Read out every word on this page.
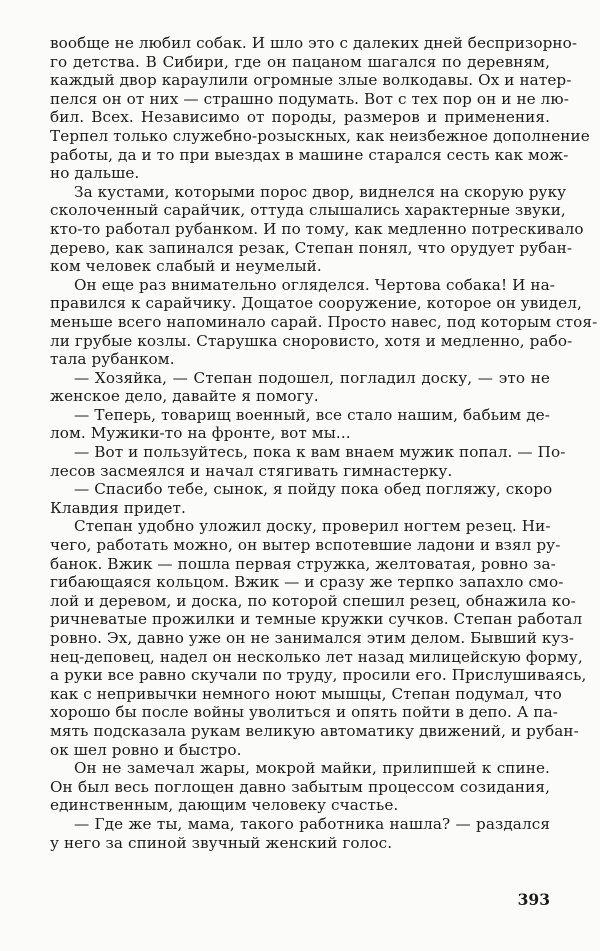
вообще не любил собак. И шло это с далеких дней беспризорно-
го детства. В Сибири, где он пацаном шагался по деревням,
каждый двор караулили огромные злые волкодавы. Ох и натер-
пелся он от них — страшно подумать. Вот с тех пор он и не лю-
бил. Всех. Независимо от породы, размеров и применения.
Терпел только служебно-розыскных, как неизбежное дополнение
работы, да и то при выездах в машине старался сесть как мож-
но дальше.
За кустами, которыми порос двор, виднелся на скорую руку
сколоченный сарайчик, оттуда слышались характерные звуки,
кто-то работал рубанком. И по тому, как медленно потрескивало
дерево, как запинался резак, Степан понял, что орудует рубан-
ком человек слабый и неумелый.
Он еще раз внимательно огляделся. Чертова собака! И на-
правился к сарайчику. Дощатое сооружение, которое он увидел,
меньше всего напоминало сарай. Просто навес, под которым стоя-
ли грубые козлы. Старушка сноровисто, хотя и медленно, рабо-
тала рубанком.
— Хозяйка, — Степан подошел, погладил доску, — это не
женское дело, давайте я помогу.
— Теперь, товарищ военный, все стало нашим, бабьим де-
лом. Мужики-то на фронте, вот мы...
— Вот и пользуйтесь, пока к вам внаем мужик попал. — По-
лесов засмеялся и начал стягивать гимнастерку.
— Спасибо тебе, сынок, я пойду пока обед погляжу, скоро
Клавдия придет.
Степан удобно уложил доску, проверил ногтем резец. Ни-
чего, работать можно, он вытер вспотевшие ладони и взял ру-
банок. Вжик — пошла первая стружка, желтоватая, ровно за-
гибающаяся кольцом. Вжик — и сразу же терпко запахло смо-
лой и деревом, и доска, по которой спешил резец, обнажила ко-
ричневатые прожилки и темные кружки сучков. Степан работал
ровно. Эх, давно уже он не занимался этим делом. Бывший куз-
нец-деповец, надел он несколько лет назад милицейскую форму,
а руки все равно скучали по труду, просили его. Прислушиваясь,
как с непривычки немного ноют мышцы, Степан подумал, что
хорошо бы после войны уволиться и опять пойти в депо. А па-
мять подсказала рукам великую автоматику движений, и рубан-
ок шел ровно и быстро.
Он не замечал жары, мокрой майки, прилипшей к спине.
Он был весь поглощен давно забытым процессом созидания,
единственным, дающим человеку счастье.
— Где же ты, мама, такого работника нашла? — раздался
у него за спиной звучный женский голос.
393
